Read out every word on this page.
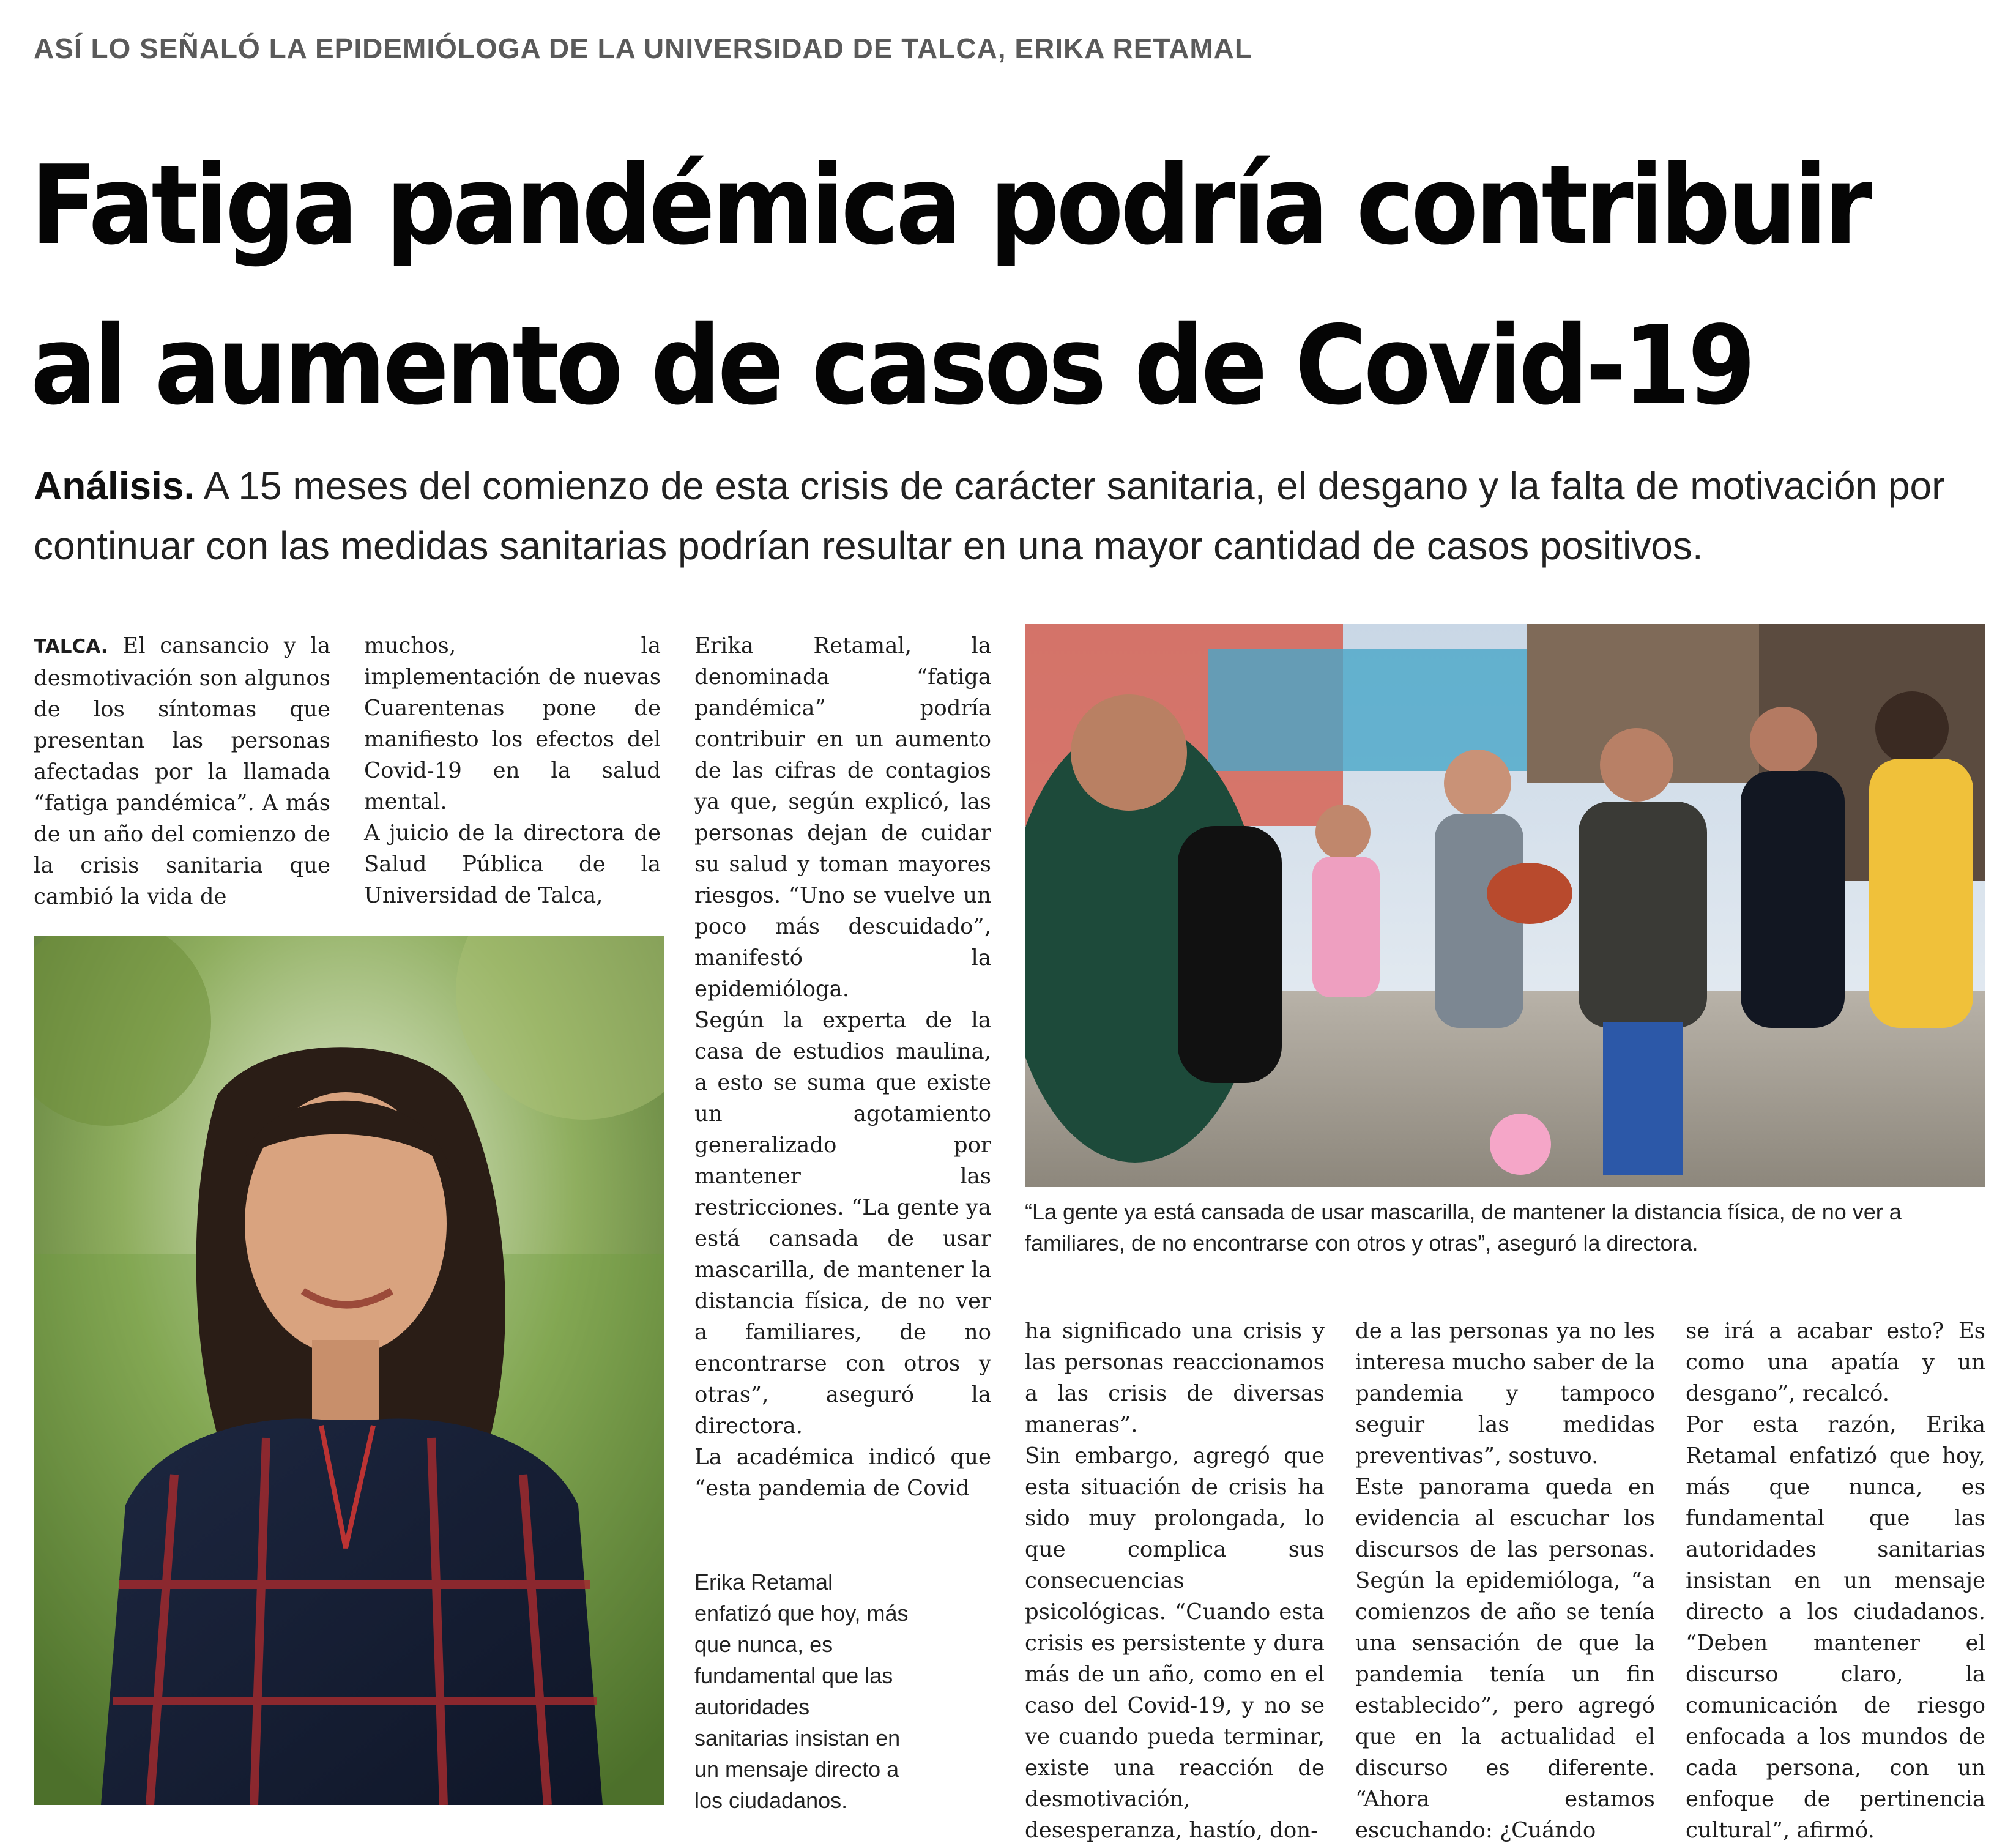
ASÍ LO SEÑALÓ LA EPIDEMIÓLOGA DE LA UNIVERSIDAD DE TALCA, ERIKA RETAMAL
Fatiga pandémica podría contribuir
al aumento de casos de Covid-19
Análisis. A 15 meses del comienzo de esta crisis de carácter sanitaria, el desgano y la falta de motivación por continuar con las medidas sanitarias podrían resultar en una mayor cantidad de casos positivos.

TALCA. El cansancio y la desmotivación son algunos de los síntomas que presentan las personas afectadas por la llamada “fatiga pandémica”. A más de un año del comienzo de la crisis sanitaria que cambió la vida de

muchos, la implementación de nuevas Cuarentenas pone de manifiesto los efectos del Covid-19 en la salud mental.

A juicio de la directora de Salud Pública de la Universidad de Talca,

Erika Retamal, la denominada “fatiga pandémica” podría contribuir en un aumento de las cifras de contagios ya que, según explicó, las personas dejan de cuidar su salud y toman mayores riesgos. “Uno se vuelve un poco más descuidado”, manifestó la epidemióloga.

Según la experta de la casa de estudios maulina, a esto se suma que existe un agotamiento generalizado por mantener las restricciones. “La gente ya está cansada de usar mascarilla, de mantener la distancia física, de no ver a familiares, de no encontrarse con otros y otras”, aseguró la directora.

La académica indicó que “esta pandemia de Covid

Erika Retamal enfatizó que hoy, más que nunca, es fundamental que las autoridades sanitarias insistan en un mensaje directo a los ciudadanos.
“La gente ya está cansada de usar mascarilla, de mantener la distancia física, de no ver a familiares, de no encontrarse con otros y otras”, aseguró la directora.

ha significado una crisis y las personas reaccionamos a las crisis de diversas maneras”.

Sin embargo, agregó que esta situación de crisis ha sido muy prolongada, lo que complica sus consecuencias psicológicas. “Cuando esta crisis es persistente y dura más de un año, como en el caso del Covid-19, y no se ve cuando pueda terminar, existe una reacción de desmotivación, desesperanza, hastío, don-

de a las personas ya no les interesa mucho saber de la pandemia y tampoco seguir las medidas preventivas”, sostuvo.

Este panorama queda en evidencia al escuchar los discursos de las personas. Según la epidemióloga, “a comienzos de año se tenía una sensación de que la pandemia tenía un fin establecido”, pero agregó que en la actualidad el discurso es diferente. “Ahora estamos escuchando: ¿Cuándo

se irá a acabar esto? Es como una apatía y un desgano”, recalcó.

Por esta razón, Erika Retamal enfatizó que hoy, más que nunca, es fundamental que las autoridades sanitarias insistan en un mensaje directo a los ciudadanos. “Deben mantener el discurso claro, la comunicación de riesgo enfocada a los mundos de cada persona, con un enfoque de pertinencia cultural”, afirmó.
